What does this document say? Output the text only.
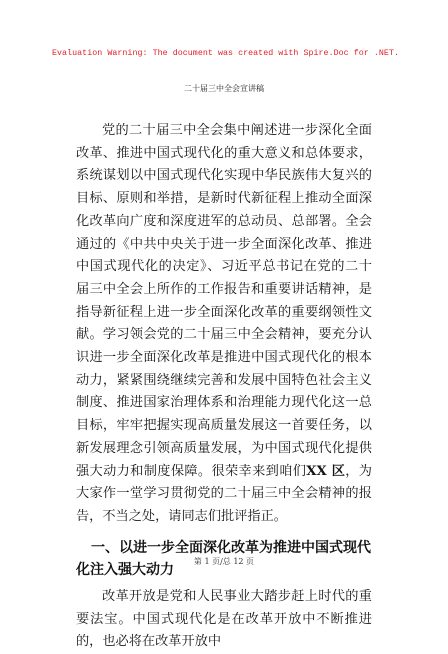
Evaluation Warning: The document was created with Spire.Doc for .NET.
二十届三中全会宣讲稿

党的二十届三中全会集中阐述进一步深化全面改革、推进中国式现代化的重大意义和总体要求，系统谋划以中国式现代化实现中华民族伟大复兴的目标、原则和举措，是新时代新征程上推动全面深化改革向广度和深度进军的总动员、总部署。全会通过的《中共中央关于进一步全面深化改革、推进中国式现代化的决定》、习近平总书记在党的二十届三中全会上所作的工作报告和重要讲话精神，是指导新征程上进一步全面深化改革的重要纲领性文献。学习领会党的二十届三中全会精神，要充分认识进一步全面深化改革是推进中国式现代化的根本动力，紧紧围绕继续完善和发展中国特色社会主义制度、推进国家治理体系和治理能力现代化这一总目标，牢牢把握实现高质量发展这一首要任务，以新发展理念引领高质量发展，为中国式现代化提供强大动力和制度保障。很荣幸来到咱们XX 区，为大家作一堂学习贯彻党的二十届三中全会精神的报告，不当之处，请同志们批评指正。

一、以进一步全面深化改革为推进中国式现代化注入强大动力

改革开放是党和人民事业大踏步赶上时代的重要法宝。中国式现代化是在改革开放中不断推进的，也必将在改革开放中

第 1 页/总 12 页
